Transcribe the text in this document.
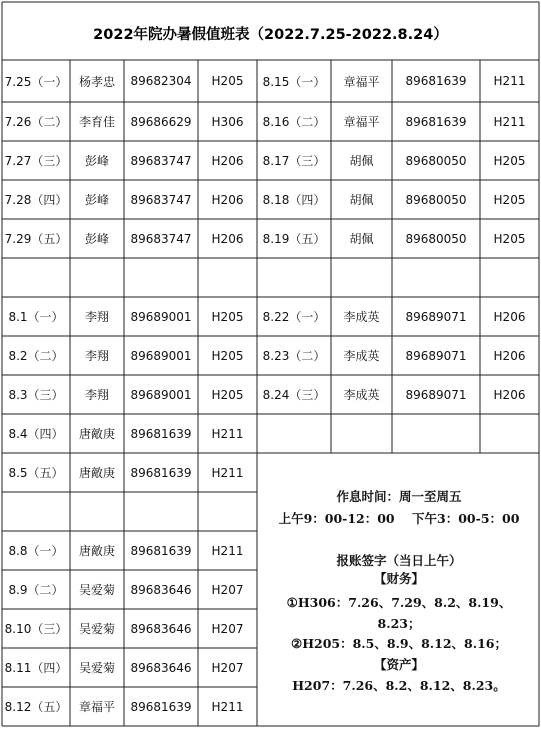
2022年院办暑假值班表（2022.7.25-2022.8.24）
7.25（一） 杨孝忠	89682304	H205
7.26（二） 李育佳	89686629	H306
7.27（三）	彭峰	89683747	H206
7.28（四）	彭峰	89683747	H206
7.29（五）	彭峰	89683747	H206
8.1（一）	李翔	89689001	H205
8.2（二）	李翔	89689001	H205
8.3（三）	李翔	89689001	H205
8.4（四）	唐敵庚	89681639	H211
8.5（五）	唐敵庚	89681639	H211
8.8（一）	唐敵庚	89681639	H211
8.9（二）	吴爱菊	89683646	H207
8.10（三） 吴爱菊	89683646	H207
8.11（四） 吴爱菊	89683646	H207
8.12（五） 章福平	89681639	H211
8.15（一）	章福平	89681639	H211
8.16（二）	章福平	89681639	H211
8.17（三）	胡佩	89680050	H205
8.18（四）	胡佩	89680050	H205
8.19（五）	胡佩	89680050	H205
8.22（一）	李成英	89689071	H206
8.23（二）	李成英	89689071	H206
8.24（三）	李成英	89689071	H206
作息时间：周一至周五
上午9：00-12：00    下午3：00-5：00
报账签字（当日上午）
【财务】
①H306：7.26、7.29、8.2、8.19、
8.23；
②H205：8.5、8.9、8.12、8.16；
【资产】
H207：7.26、8.2、8.12、8.23。
